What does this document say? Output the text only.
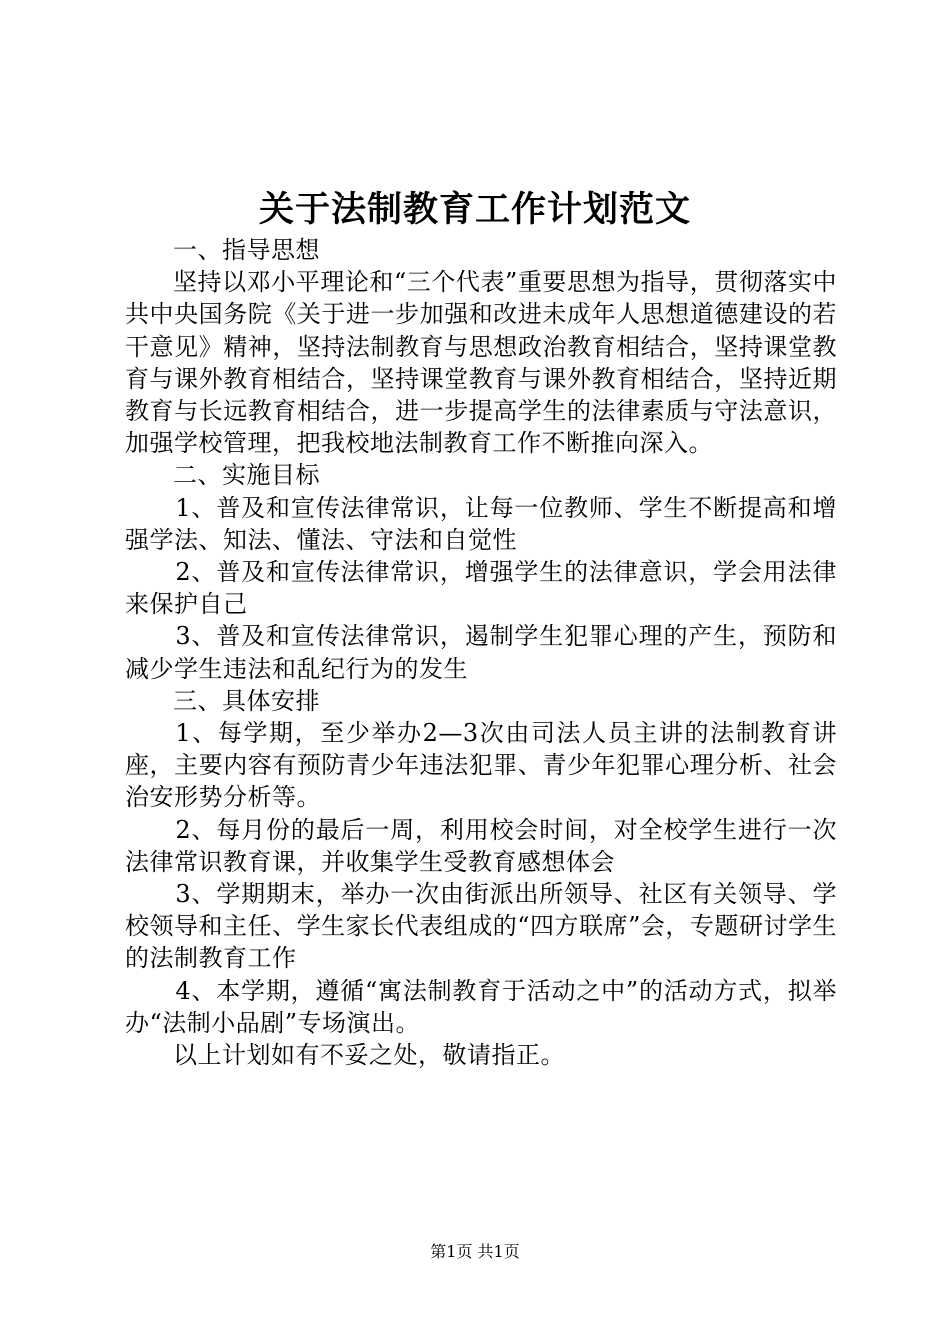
关于法制教育工作计划范文

一、指导思想

坚持以邓小平理论和“三个代表”重要思想为指导，贯彻落实中共中央国务院《关于进一步加强和改进未成年人思想道德建设的若干意见》精神，坚持法制教育与思想政治教育相结合，坚持课堂教育与课外教育相结合，坚持课堂教育与课外教育相结合，坚持近期教育与长远教育相结合，进一步提高学生的法律素质与守法意识，加强学校管理，把我校地法制教育工作不断推向深入。

二、实施目标

1、普及和宣传法律常识，让每一位教师、学生不断提高和增强学法、知法、懂法、守法和自觉性

2、普及和宣传法律常识，增强学生的法律意识，学会用法律来保护自己

3、普及和宣传法律常识，遏制学生犯罪心理的产生，预防和减少学生违法和乱纪行为的发生

三、具体安排

1、每学期，至少举办2—3次由司法人员主讲的法制教育讲座，主要内容有预防青少年违法犯罪、青少年犯罪心理分析、社会治安形势分析等。

2、每月份的最后一周，利用校会时间，对全校学生进行一次法律常识教育课，并收集学生受教育感想体会

3、学期期末，举办一次由街派出所领导、社区有关领导、学校领导和主任、学生家长代表组成的“四方联席”会，专题研讨学生的法制教育工作

4、本学期，遵循“寓法制教育于活动之中”的活动方式，拟举办“法制小品剧”专场演出。

以上计划如有不妥之处，敬请指正。

第1页 共1页
